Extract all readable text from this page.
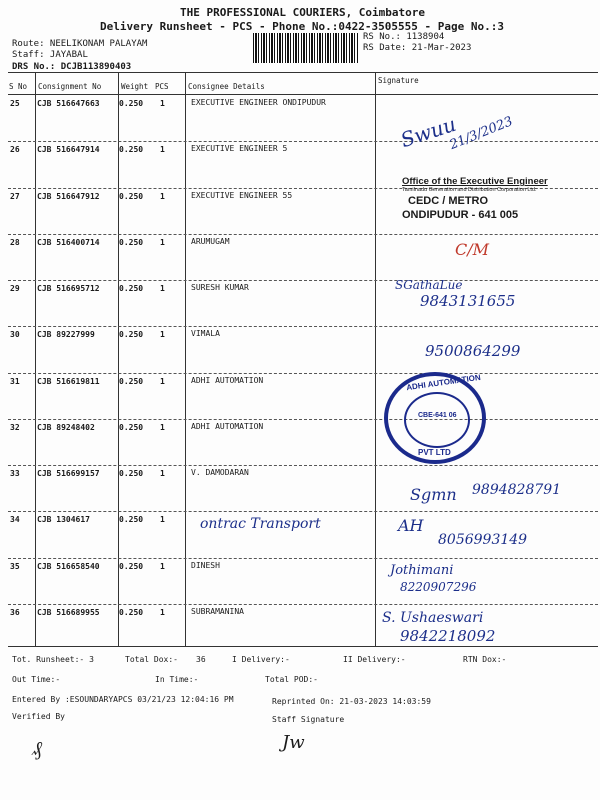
THE PROFESSIONAL COURIERS, Coimbatore
Delivery Runsheet - PCS - Phone No.:0422-3505555 - Page No.:3
Route: NEELIKONAM PALAYAM
Staff: JAYABAL
DRS No.: DCJB113890403
RS No.: 1138904
RS Date: 21-Mar-2023
S No Consignment No	Weight PCS	Consignee Details
Signature
25 CJB 516647663 0.250 1	EXECUTIVE ENGINEER ONDIPUDUR
26 CJB 516647914 0.250 1	EXECUTIVE ENGINEER 5
27 CJB 516647912 0.250 1	EXECUTIVE ENGINEER 55
28 CJB 516400714 0.250 1	ARUMUGAM
29 CJB 516695712 0.250 1	SURESH KUMAR
30 CJB 89227999	0.250 1	VIMALA
31 CJB 516619811 0.250 1	ADHI AUTOMATION
32 CJB 89248402	0.250 1	ADHI AUTOMATION
33 CJB 516699157 0.250 1	V. DAMODARAN
34 CJB 1304617	0.250 1
35 CJB 516658540 0.250 1	DINESH
36 CJB 516689955 0.250 1	SUBRAMANINA
Office of the Executive Engineer
Tamilnadu Generation and Distribution Corporation Ltd.
CEDC / METRO
ONDIPUDUR - 641 005
ADHI AUTOMATION
PVT LTD
CBE-641 06
Swuu
21/3/2023
C/M
SGathaLue
9843131655
9500864299
Sgmn 9894828791
ontrac Transport	AH
8056993149
Jothimani
8220907296
S. Ushaeswari
9842218092
Tot. Runsheet:- 3	Total Dox:- 36	I Delivery:-	II Delivery:-	RTN Dox:-
Out Time:-	In Time:-	Total POD:-
Entered By :ESOUNDARYAPCS 03/21/23 12:04:16 PM	Reprinted On: 21-03-2023 14:03:59
Verified By	Staff Signature
₰	Jw
